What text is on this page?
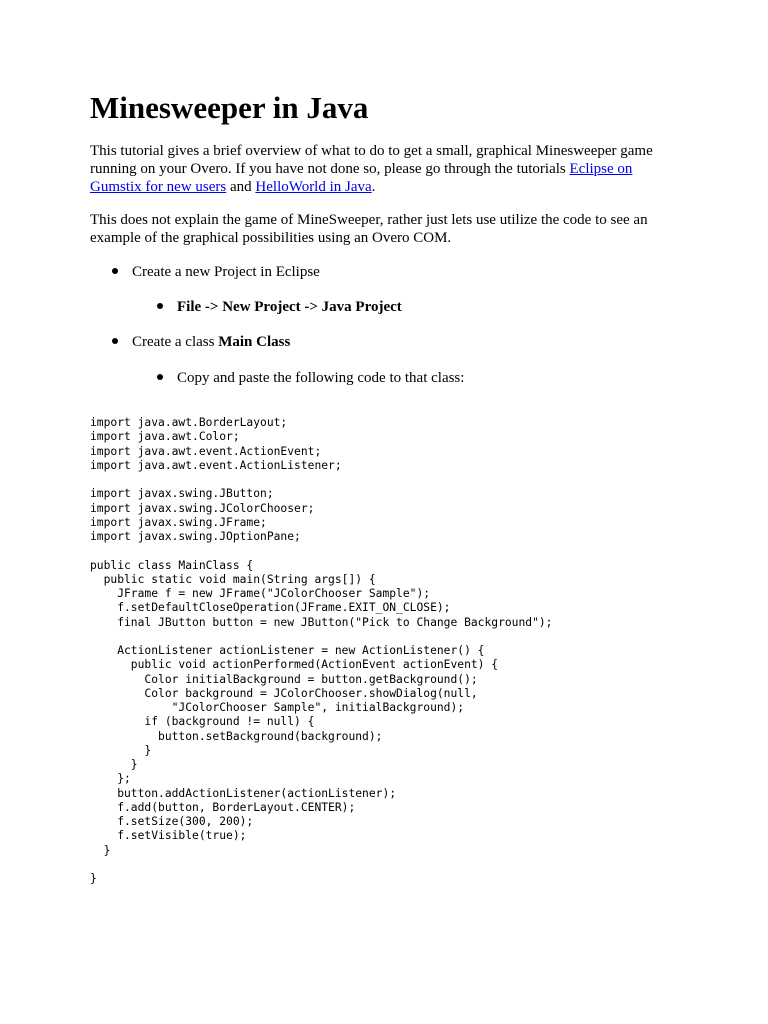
Minesweeper in Java

This tutorial gives a brief overview of what to do to get a small, graphical Minesweeper game running on your Overo. If you have not done so, please go through the tutorials Eclipse on Gumstix for new users and HelloWorld in Java.

This does not explain the game of MineSweeper, rather just lets use utilize the code to see an example of the graphical possibilities using an Overo COM.

Create a new Project in Eclipse
File -> New Project -> Java Project
Create a class Main Class
Copy and paste the following code to that class:
import java.awt.BorderLayout;
import java.awt.Color;
import java.awt.event.ActionEvent;
import java.awt.event.ActionListener;

import javax.swing.JButton;
import javax.swing.JColorChooser;
import javax.swing.JFrame;
import javax.swing.JOptionPane;

public class MainClass {
public static void main(String args[]) {
JFrame f = new JFrame("JColorChooser Sample");
f.setDefaultCloseOperation(JFrame.EXIT_ON_CLOSE);
final JButton button = new JButton("Pick to Change Background");

ActionListener actionListener = new ActionListener() {
public void actionPerformed(ActionEvent actionEvent) {
Color initialBackground = button.getBackground();
Color background = JColorChooser.showDialog(null,
"JColorChooser Sample", initialBackground);
if (background != null) {
button.setBackground(background);
}
}
};
button.addActionListener(actionListener);
f.add(button, BorderLayout.CENTER);
f.setSize(300, 200);
f.setVisible(true);
}

}
